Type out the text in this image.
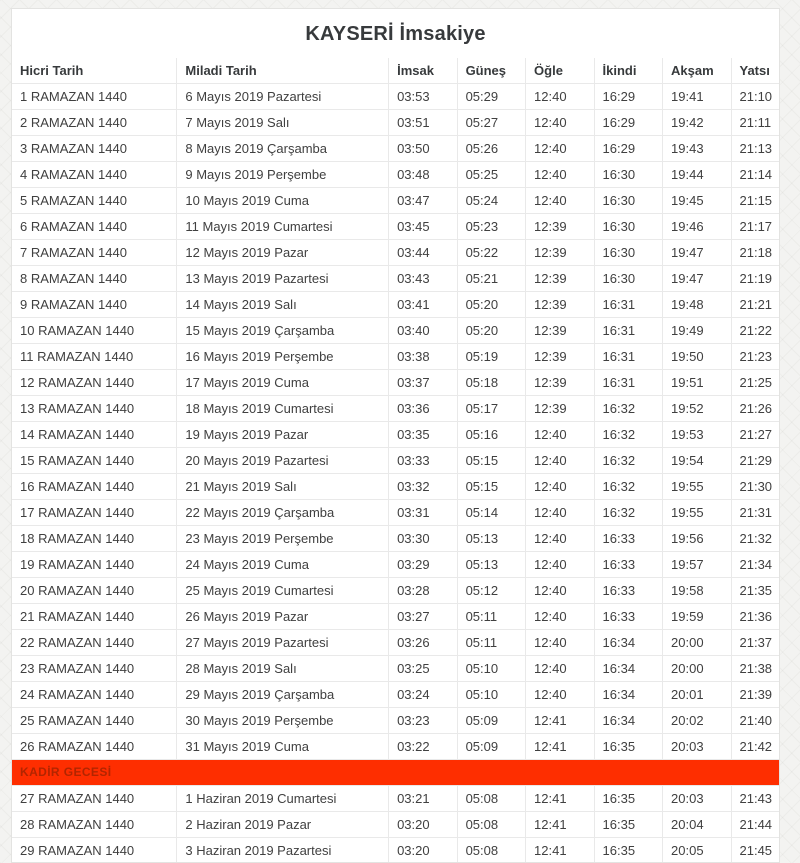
KAYSERİ İmsakiye
Hicri Tarih	Miladi Tarih	İmsak	Güneş	Öğle	İkindi	Akşam	Yatsı
1 RAMAZAN 1440	6 Mayıs 2019 Pazartesi	03:53	05:29	12:40	16:29	19:41	21:10
2 RAMAZAN 1440	7 Mayıs 2019 Salı	03:51	05:27	12:40	16:29	19:42	21:11
3 RAMAZAN 1440	8 Mayıs 2019 Çarşamba	03:50	05:26	12:40	16:29	19:43	21:13
4 RAMAZAN 1440	9 Mayıs 2019 Perşembe	03:48	05:25	12:40	16:30	19:44	21:14
5 RAMAZAN 1440	10 Mayıs 2019 Cuma	03:47	05:24	12:40	16:30	19:45	21:15
6 RAMAZAN 1440	11 Mayıs 2019 Cumartesi	03:45	05:23	12:39	16:30	19:46	21:17
7 RAMAZAN 1440	12 Mayıs 2019 Pazar	03:44	05:22	12:39	16:30	19:47	21:18
8 RAMAZAN 1440	13 Mayıs 2019 Pazartesi	03:43	05:21	12:39	16:30	19:47	21:19
9 RAMAZAN 1440	14 Mayıs 2019 Salı	03:41	05:20	12:39	16:31	19:48	21:21
10 RAMAZAN 1440	15 Mayıs 2019 Çarşamba	03:40	05:20	12:39	16:31	19:49	21:22
11 RAMAZAN 1440	16 Mayıs 2019 Perşembe	03:38	05:19	12:39	16:31	19:50	21:23
12 RAMAZAN 1440	17 Mayıs 2019 Cuma	03:37	05:18	12:39	16:31	19:51	21:25
13 RAMAZAN 1440	18 Mayıs 2019 Cumartesi	03:36	05:17	12:39	16:32	19:52	21:26
14 RAMAZAN 1440	19 Mayıs 2019 Pazar	03:35	05:16	12:40	16:32	19:53	21:27
15 RAMAZAN 1440	20 Mayıs 2019 Pazartesi	03:33	05:15	12:40	16:32	19:54	21:29
16 RAMAZAN 1440	21 Mayıs 2019 Salı	03:32	05:15	12:40	16:32	19:55	21:30
17 RAMAZAN 1440	22 Mayıs 2019 Çarşamba	03:31	05:14	12:40	16:32	19:55	21:31
18 RAMAZAN 1440	23 Mayıs 2019 Perşembe	03:30	05:13	12:40	16:33	19:56	21:32
19 RAMAZAN 1440	24 Mayıs 2019 Cuma	03:29	05:13	12:40	16:33	19:57	21:34
20 RAMAZAN 1440	25 Mayıs 2019 Cumartesi	03:28	05:12	12:40	16:33	19:58	21:35
21 RAMAZAN 1440	26 Mayıs 2019 Pazar	03:27	05:11	12:40	16:33	19:59	21:36
22 RAMAZAN 1440	27 Mayıs 2019 Pazartesi	03:26	05:11	12:40	16:34	20:00	21:37
23 RAMAZAN 1440	28 Mayıs 2019 Salı	03:25	05:10	12:40	16:34	20:00	21:38
24 RAMAZAN 1440	29 Mayıs 2019 Çarşamba	03:24	05:10	12:40	16:34	20:01	21:39
25 RAMAZAN 1440	30 Mayıs 2019 Perşembe	03:23	05:09	12:41	16:34	20:02	21:40
26 RAMAZAN 1440	31 Mayıs 2019 Cuma	03:22	05:09	12:41	16:35	20:03	21:42
KADİR GECESİ							
27 RAMAZAN 1440	1 Haziran 2019 Cumartesi	03:21	05:08	12:41	16:35	20:03	21:43
28 RAMAZAN 1440	2 Haziran 2019 Pazar	03:20	05:08	12:41	16:35	20:04	21:44
29 RAMAZAN 1440	3 Haziran 2019 Pazartesi	03:20	05:08	12:41	16:35	20:05	21:45
